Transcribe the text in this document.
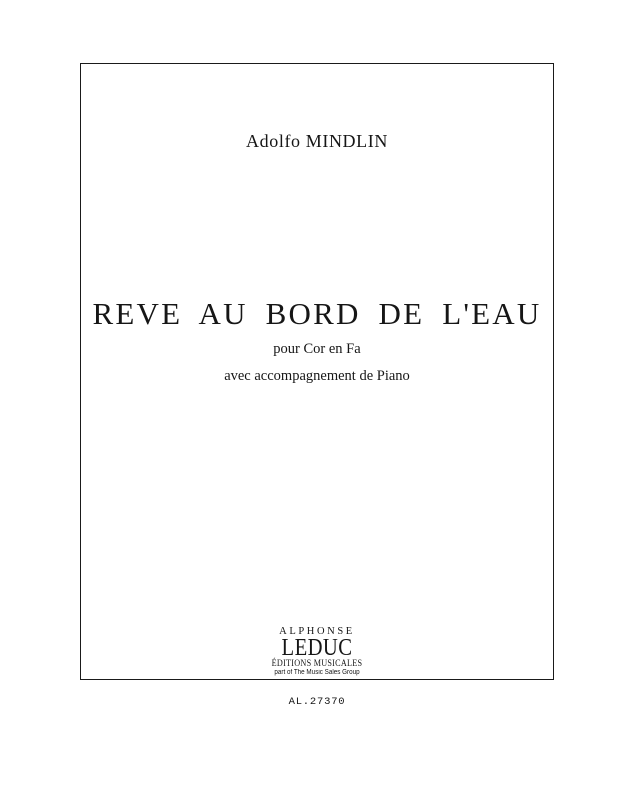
Adolfo MINDLIN
REVE AU BORD DE L'EAU
pour Cor en Fa
avec accompagnement de Piano
ALPHONSE
LEDUC
ÉDITIONS MUSICALES
part of The Music Sales Group
AL.27370
